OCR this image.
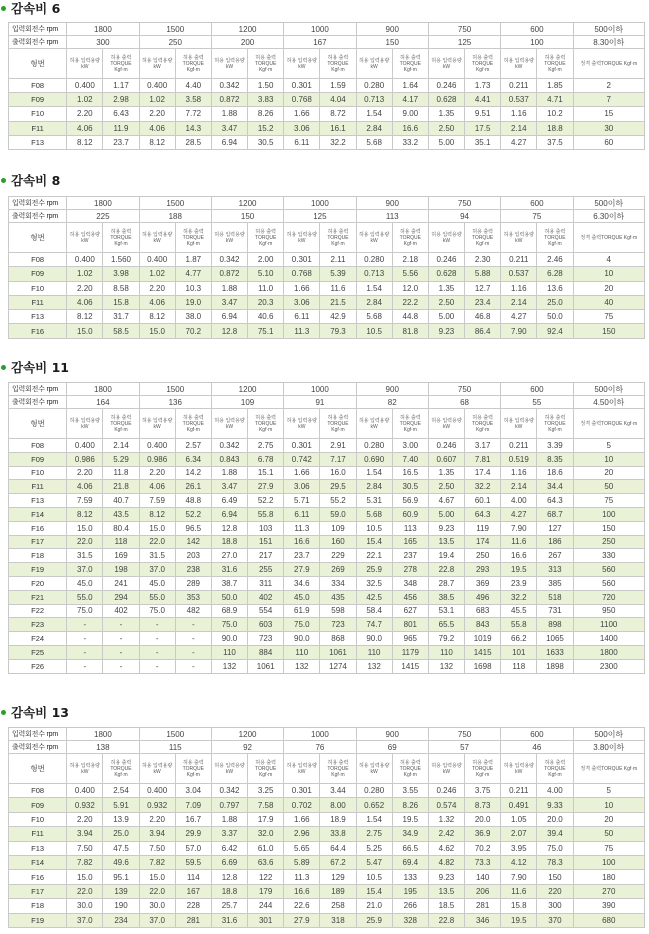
감속비 6
입력회전수 rpm	1800		1500		1200		1000		900		750		600		500이하
출력회전수 rpm	300		250		200		167		150		125		100		8.30이하
형번	허용 입력용량 kW	허용 출력TORQUE Kgf·m	허용 입력용량 kW	허용 출력TORQUE Kgf·m	허용 입력용량 kW	허용 출력TORQUE Kgf·m	허용 입력용량 kW	허용 출력TORQUE Kgf·m	허용 입력용량 kW	허용 출력TORQUE Kgf·m	허용 입력용량 kW	허용 출력TORQUE Kgf·m	허용 입력용량 kW	허용 출력TORQUE Kgf·m	정격 출력TORQUE Kgf·m
F08	0.400	1.17	0.400	4.40	0.342	1.50	0.301	1.59	0.280	1.64	0.246	1.73	0.211	1.85	2
F09	1.02	2.98	1.02	3.58	0.872	3.83	0.768	4.04	0.713	4.17	0.628	4.41	0.537	4.71	7
F10	2.20	6.43	2.20	7.72	1.88	8.26	1.66	8.72	1.54	9.00	1.35	9.51	1.16	10.2	15
F11	4.06	11.9	4.06	14.3	3.47	15.2	3.06	16.1	2.84	16.6	2.50	17.5	2.14	18.8	30
F13	8.12	23.7	8.12	28.5	6.94	30.5	6.11	32.2	5.68	33.2	5.00	35.1	4.27	37.5	60
감속비 8
입력회전수 rpm	1800		1500		1200		1000		900		750		600		500이하
출력회전수 rpm	225		188		150		125		113		94		75		6.30이하
형번	허용 입력용량 kW	허용 출력TORQUE Kgf·m	허용 입력용량 kW	허용 출력TORQUE Kgf·m	허용 입력용량 kW	허용 출력TORQUE Kgf·m	허용 입력용량 kW	허용 출력TORQUE Kgf·m	허용 입력용량 kW	허용 출력TORQUE Kgf·m	허용 입력용량 kW	허용 출력TORQUE Kgf·m	허용 입력용량 kW	허용 출력TORQUE Kgf·m	정격 출력TORQUE Kgf·m
F08	0.400	1.560	0.400	1.87	0.342	2.00	0.301	2.11	0.280	2.18	0.246	2.30	0.211	2.46	4
F09	1.02	3.98	1.02	4.77	0.872	5.10	0.768	5.39	0.713	5.56	0.628	5.88	0.537	6.28	10
F10	2.20	8.58	2.20	10.3	1.88	11.0	1.66	11.6	1.54	12.0	1.35	12.7	1.16	13.6	20
F11	4.06	15.8	4.06	19.0	3.47	20.3	3.06	21.5	2.84	22.2	2.50	23.4	2.14	25.0	40
F13	8.12	31.7	8.12	38.0	6.94	40.6	6.11	42.9	5.68	44.8	5.00	46.8	4.27	50.0	75
F16	15.0	58.5	15.0	70.2	12.8	75.1	11.3	79.3	10.5	81.8	9.23	86.4	7.90	92.4	150
감속비 11
입력회전수 rpm	1800		1500		1200		1000		900		750		600		500이하
출력회전수 rpm	164		136		109		91		82		68		55		4.50이하
형번	허용 입력용량 kW	허용 출력TORQUE Kgf·m	허용 입력용량 kW	허용 출력TORQUE Kgf·m	허용 입력용량 kW	허용 출력TORQUE Kgf·m	허용 입력용량 kW	허용 출력TORQUE Kgf·m	허용 입력용량 kW	허용 출력TORQUE Kgf·m	허용 입력용량 kW	허용 출력TORQUE Kgf·m	허용 입력용량 kW	허용 출력TORQUE Kgf·m	정격 출력TORQUE Kgf·m
F08	0.400	2.14	0.400	2.57	0.342	2.75	0.301	2.91	0.280	3.00	0.246	3.17	0.211	3.39	5
F09	0.986	5.29	0.986	6.34	0.843	6.78	0.742	7.17	0.690	7.40	0.607	7.81	0.519	8.35	10
F10	2.20	11.8	2.20	14.2	1.88	15.1	1.66	16.0	1.54	16.5	1.35	17.4	1.16	18.6	20
F11	4.06	21.8	4.06	26.1	3.47	27.9	3.06	29.5	2.84	30.5	2.50	32.2	2.14	34.4	50
F13	7.59	40.7	7.59	48.8	6.49	52.2	5.71	55.2	5.31	56.9	4.67	60.1	4.00	64.3	75
F14	8.12	43.5	8.12	52.2	6.94	55.8	6.11	59.0	5.68	60.9	5.00	64.3	4.27	68.7	100
F16	15.0	80.4	15.0	96.5	12.8	103	11.3	109	10.5	113	9.23	119	7.90	127	150
F17	22.0	118	22.0	142	18.8	151	16.6	160	15.4	165	13.5	174	11.6	186	250
F18	31.5	169	31.5	203	27.0	217	23.7	229	22.1	237	19.4	250	16.6	267	330
F19	37.0	198	37.0	238	31.6	255	27.9	269	25.9	278	22.8	293	19.5	313	560
F20	45.0	241	45.0	289	38.7	311	34.6	334	32.5	348	28.7	369	23.9	385	560
F21	55.0	294	55.0	353	50.0	402	45.0	435	42.5	456	38.5	496	32.2	518	720
F22	75.0	402	75.0	482	68.9	554	61.9	598	58.4	627	53.1	683	45.5	731	950
F23	-	-	-	-	75.0	603	75.0	723	74.7	801	65.5	843	55.8	898	1100
F24	-	-	-	-	90.0	723	90.0	868	90.0	965	79.2	1019	66.2	1065	1400
F25	-	-	-	-	110	884	110	1061	110	1179	110	1415	101	1633	1800
F26	-	-	-	-	132	1061	132	1274	132	1415	132	1698	118	1898	2300
감속비 13
입력회전수 rpm	1800		1500		1200		1000		900		750		600		500이하
출력회전수 rpm	138		115		92		76		69		57		46		3.80이하
형번	허용 입력용량 kW	허용 출력TORQUE Kgf·m	허용 입력용량 kW	허용 출력TORQUE Kgf·m	허용 입력용량 kW	허용 출력TORQUE Kgf·m	허용 입력용량 kW	허용 출력TORQUE Kgf·m	허용 입력용량 kW	허용 출력TORQUE Kgf·m	허용 입력용량 kW	허용 출력TORQUE Kgf·m	허용 입력용량 kW	허용 출력TORQUE Kgf·m	정격 출력TORQUE Kgf·m
F08	0.400	2.54	0.400	3.04	0.342	3.25	0.301	3.44	0.280	3.55	0.246	3.75	0.211	4.00	5
F09	0.932	5.91	0.932	7.09	0.797	7.58	0.702	8.00	0.652	8.26	0.574	8.73	0.491	9.33	10
F10	2.20	13.9	2.20	16.7	1.88	17.9	1.66	18.9	1.54	19.5	1.32	20.0	1.05	20.0	20
F11	3.94	25.0	3.94	29.9	3.37	32.0	2.96	33.8	2.75	34.9	2.42	36.9	2.07	39.4	50
F13	7.50	47.5	7.50	57.0	6.42	61.0	5.65	64.4	5.25	66.5	4.62	70.2	3.95	75.0	75
F14	7.82	49.6	7.82	59.5	6.69	63.6	5.89	67.2	5.47	69.4	4.82	73.3	4.12	78.3	100
F16	15.0	95.1	15.0	114	12.8	122	11.3	129	10.5	133	9.23	140	7.90	150	180
F17	22.0	139	22.0	167	18.8	179	16.6	189	15.4	195	13.5	206	11.6	220	270
F18	30.0	190	30.0	228	25.7	244	22.6	258	21.0	266	18.5	281	15.8	300	390
F19	37.0	234	37.0	281	31.6	301	27.9	318	25.9	328	22.8	346	19.5	370	680
